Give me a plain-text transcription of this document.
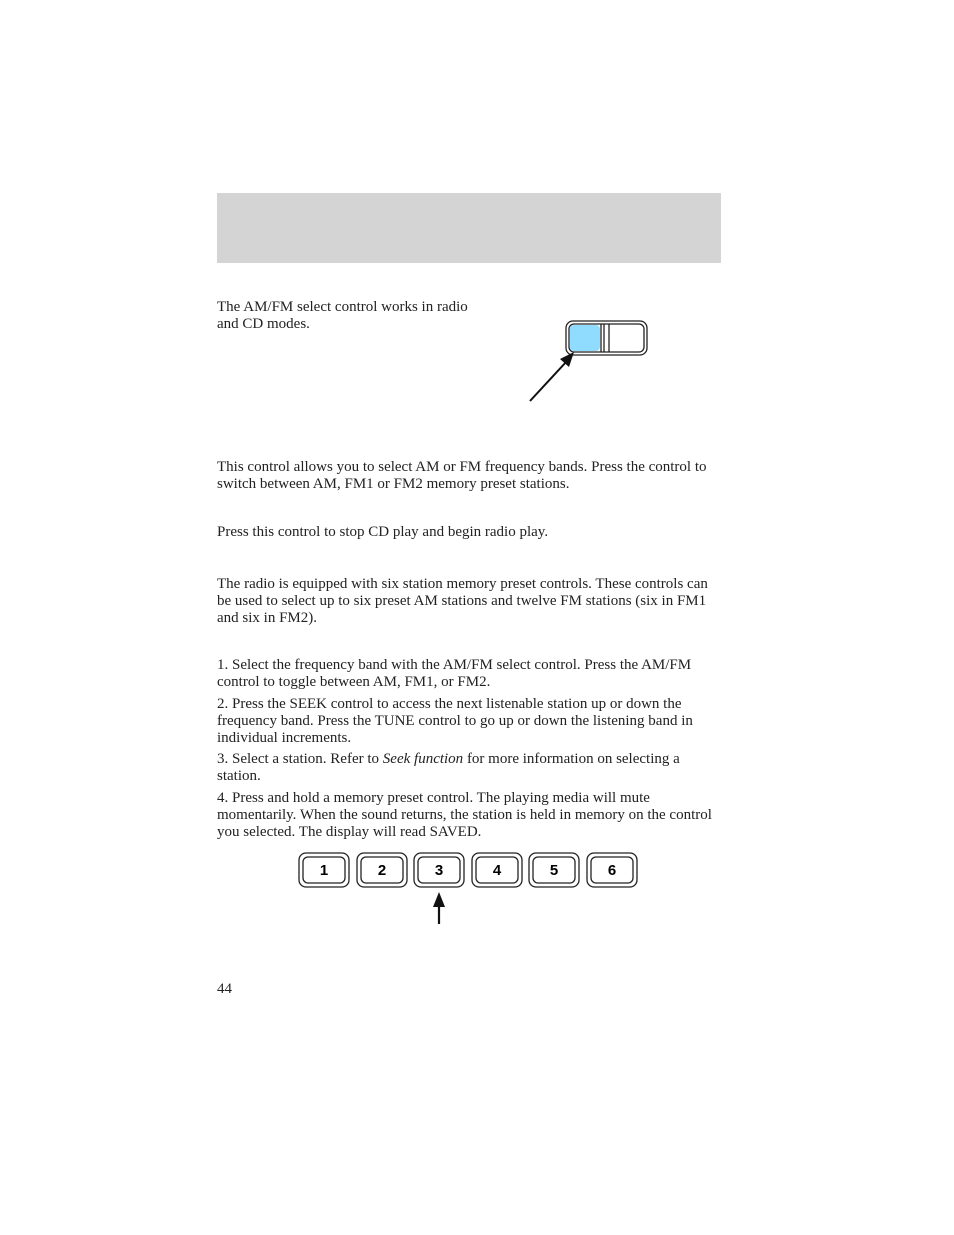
The AM/FM select control works in radio and CD modes.

This control allows you to select AM or FM frequency bands. Press the control to switch between AM, FM1 or FM2 memory preset stations.

Press this control to stop CD play and begin radio play.

The radio is equipped with six station memory preset controls. These controls can be used to select up to six preset AM stations and twelve FM stations (six in FM1 and six in FM2).

1. Select the frequency band with the AM/FM select control. Press the AM/FM control to toggle between AM, FM1, or FM2.

2. Press the SEEK control to access the next listenable station up or down the frequency band. Press the TUNE control to go up or down the listening band in individual increments.

3. Select a station. Refer to Seek function for more information on selecting a station.

4. Press and hold a memory preset control. The playing media will mute momentarily. When the sound returns, the station is held in memory on the control you selected. The display will read SAVED.

1	2	3	4	5	6
44
